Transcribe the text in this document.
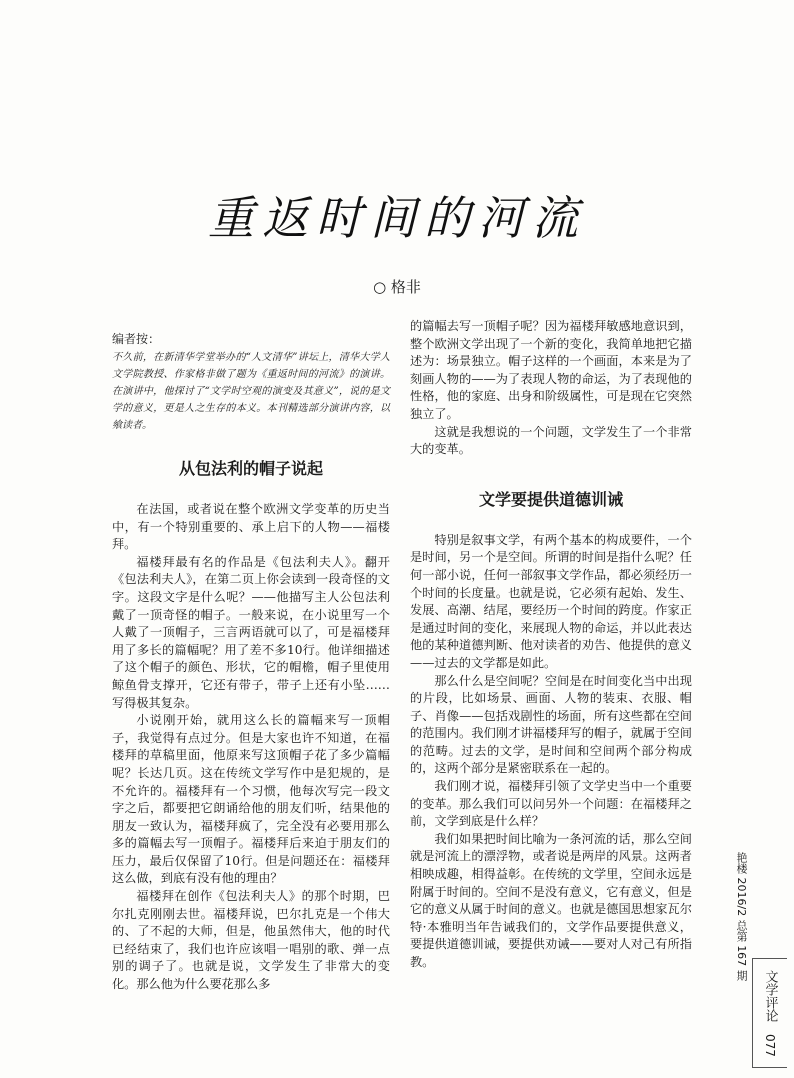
重返时间的河流
○ 格非
编者按：

不久前，在新清华学堂举办的“人文清华”讲坛上，清华大学人文学院教授、作家格非做了题为《重返时间的河流》的演讲。在演讲中，他探讨了“文学时空观的演变及其意义”，说的是文学的意义，更是人之生存的本义。本刊精选部分演讲内容，以飨读者。

从包法利的帽子说起

在法国，或者说在整个欧洲文学变革的历史当中，有一个特别重要的、承上启下的人物——福楼拜。

福楼拜最有名的作品是《包法利夫人》。翻开《包法利夫人》，在第二页上你会读到一段奇怪的文字。这段文字是什么呢？——他描写主人公包法利戴了一顶奇怪的帽子。一般来说，在小说里写一个人戴了一顶帽子，三言两语就可以了，可是福楼拜用了多长的篇幅呢？用了差不多10行。他详细描述了这个帽子的颜色、形状，它的帽檐，帽子里使用鲸鱼骨支撑开，它还有带子，带子上还有小坠……写得极其复杂。

小说刚开始，就用这么长的篇幅来写一顶帽子，我觉得有点过分。但是大家也许不知道，在福楼拜的草稿里面，他原来写这顶帽子花了多少篇幅呢？长达几页。这在传统文学写作中是犯规的，是不允许的。福楼拜有一个习惯，他每次写完一段文字之后，都要把它朗诵给他的朋友们听，结果他的朋友一致认为，福楼拜疯了，完全没有必要用那么多的篇幅去写一顶帽子。福楼拜后来迫于朋友们的压力，最后仅保留了10行。但是问题还在：福楼拜这么做，到底有没有他的理由？

福楼拜在创作《包法利夫人》的那个时期，巴尔扎克刚刚去世。福楼拜说，巴尔扎克是一个伟大的、了不起的大师，但是，他虽然伟大，他的时代已经结束了，我们也许应该唱一唱别的歌、弹一点别的调子了。也就是说，文学发生了非常大的变化。那么他为什么要花那么多

的篇幅去写一顶帽子呢？因为福楼拜敏感地意识到，整个欧洲文学出现了一个新的变化，我简单地把它描述为：场景独立。帽子这样的一个画面，本来是为了刻画人物的——为了表现人物的命运，为了表现他的性格，他的家庭、出身和阶级属性，可是现在它突然独立了。

这就是我想说的一个问题，文学发生了一个非常大的变革。

文学要提供道德训诫

特别是叙事文学，有两个基本的构成要件，一个是时间，另一个是空间。所谓的时间是指什么呢？任何一部小说，任何一部叙事文学作品，都必须经历一个时间的长度量。也就是说，它必须有起始、发生、发展、高潮、结尾，要经历一个时间的跨度。作家正是通过时间的变化，来展现人物的命运，并以此表达他的某种道德判断、他对读者的劝告、他提供的意义——过去的文学都是如此。

那么什么是空间呢？空间是在时间变化当中出现的片段，比如场景、画面、人物的装束、衣服、帽子、肖像——包括戏剧性的场面，所有这些都在空间的范围内。我们刚才讲福楼拜写的帽子，就属于空间的范畴。过去的文学，是时间和空间两个部分构成的，这两个部分是紧密联系在一起的。

我们刚才说，福楼拜引领了文学史当中一个重要的变革。那么我们可以问另外一个问题：在福楼拜之前，文学到底是什么样？

我们如果把时间比喻为一条河流的话，那么空间就是河流上的漂浮物，或者说是两岸的风景。这两者相映成趣，相得益彰。在传统的文学里，空间永远是附属于时间的。空间不是没有意义，它有意义，但是它的意义从属于时间的意义。也就是德国思想家瓦尔特·本雅明当年告诫我们的，文学作品要提供意义，要提供道德训诫，要提供劝诫——要对人对己有所指教。	艳楼 2016/2 总第 167 期
文学评论
077
